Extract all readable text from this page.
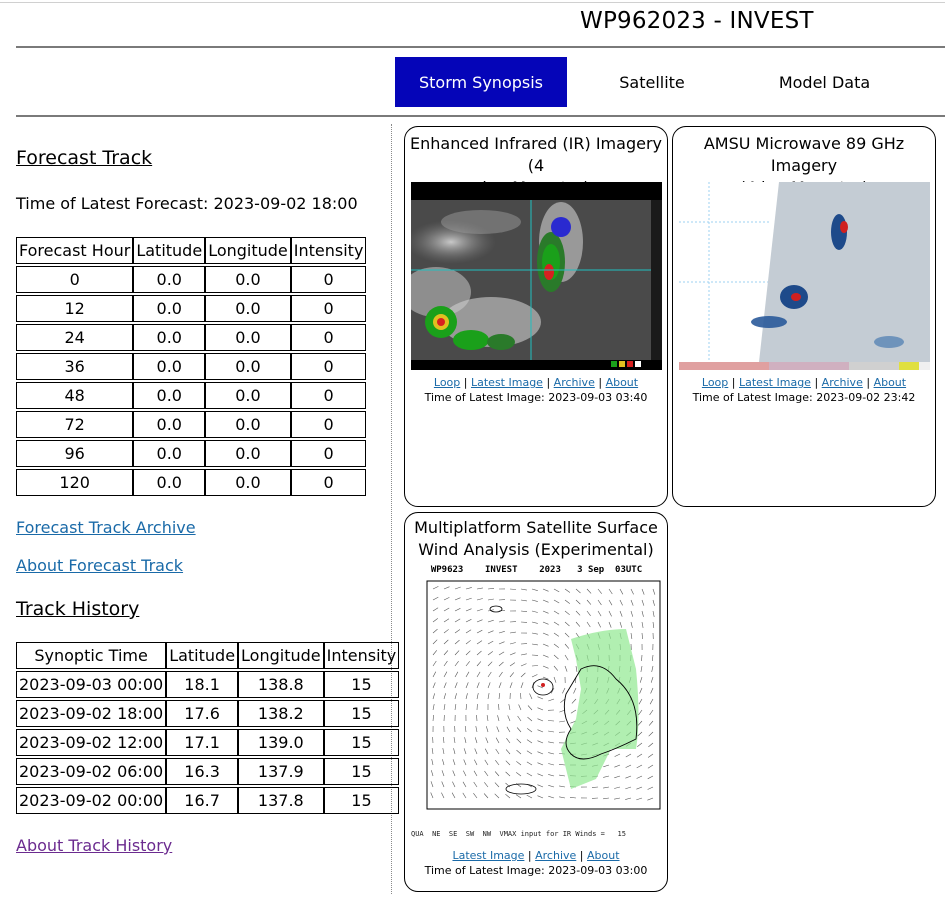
WP962023 - INVEST
Storm Synopsis	Satellite	Model Data
Forecast Track
Time of Latest Forecast: 2023-09-02 18:00
Forecast Hour	Latitude	Longitude	Intensity
0	0.0	0.0	0
12	0.0	0.0	0
24	0.0	0.0	0
36	0.0	0.0	0
48	0.0	0.0	0
72	0.0	0.0	0
96	0.0	0.0	0
120	0.0	0.0	0
Forecast Track Archive
About Forecast Track
Track History
Synoptic Time	Latitude	Longitude	Intensity
2023-09-03 00:00	18.1	138.8	15
2023-09-02 18:00	17.6	138.2	15
2023-09-02 12:00	17.1	139.0	15
2023-09-02 06:00	16.3	137.9	15
2023-09-02 00:00	16.7	137.8	15
About Track History
Enhanced Infrared (IR) Imagery (4
Loop | Latest Image | Archive | About
Time of Latest Image: 2023-09-03 03:40
AMSU Microwave 89 GHz Imagery
Loop | Latest Image | Archive | About
Time of Latest Image: 2023-09-02 23:42
Multiplatform Satellite Surface
Wind Analysis (Experimental)
WP9623    INVEST    2023   3 Sep  03UTC

QUA  NE  SE  SW  NW  VMAX input for IR Winds =   15

Latest Image | Archive | About
Time of Latest Image: 2023-09-03 03:00
